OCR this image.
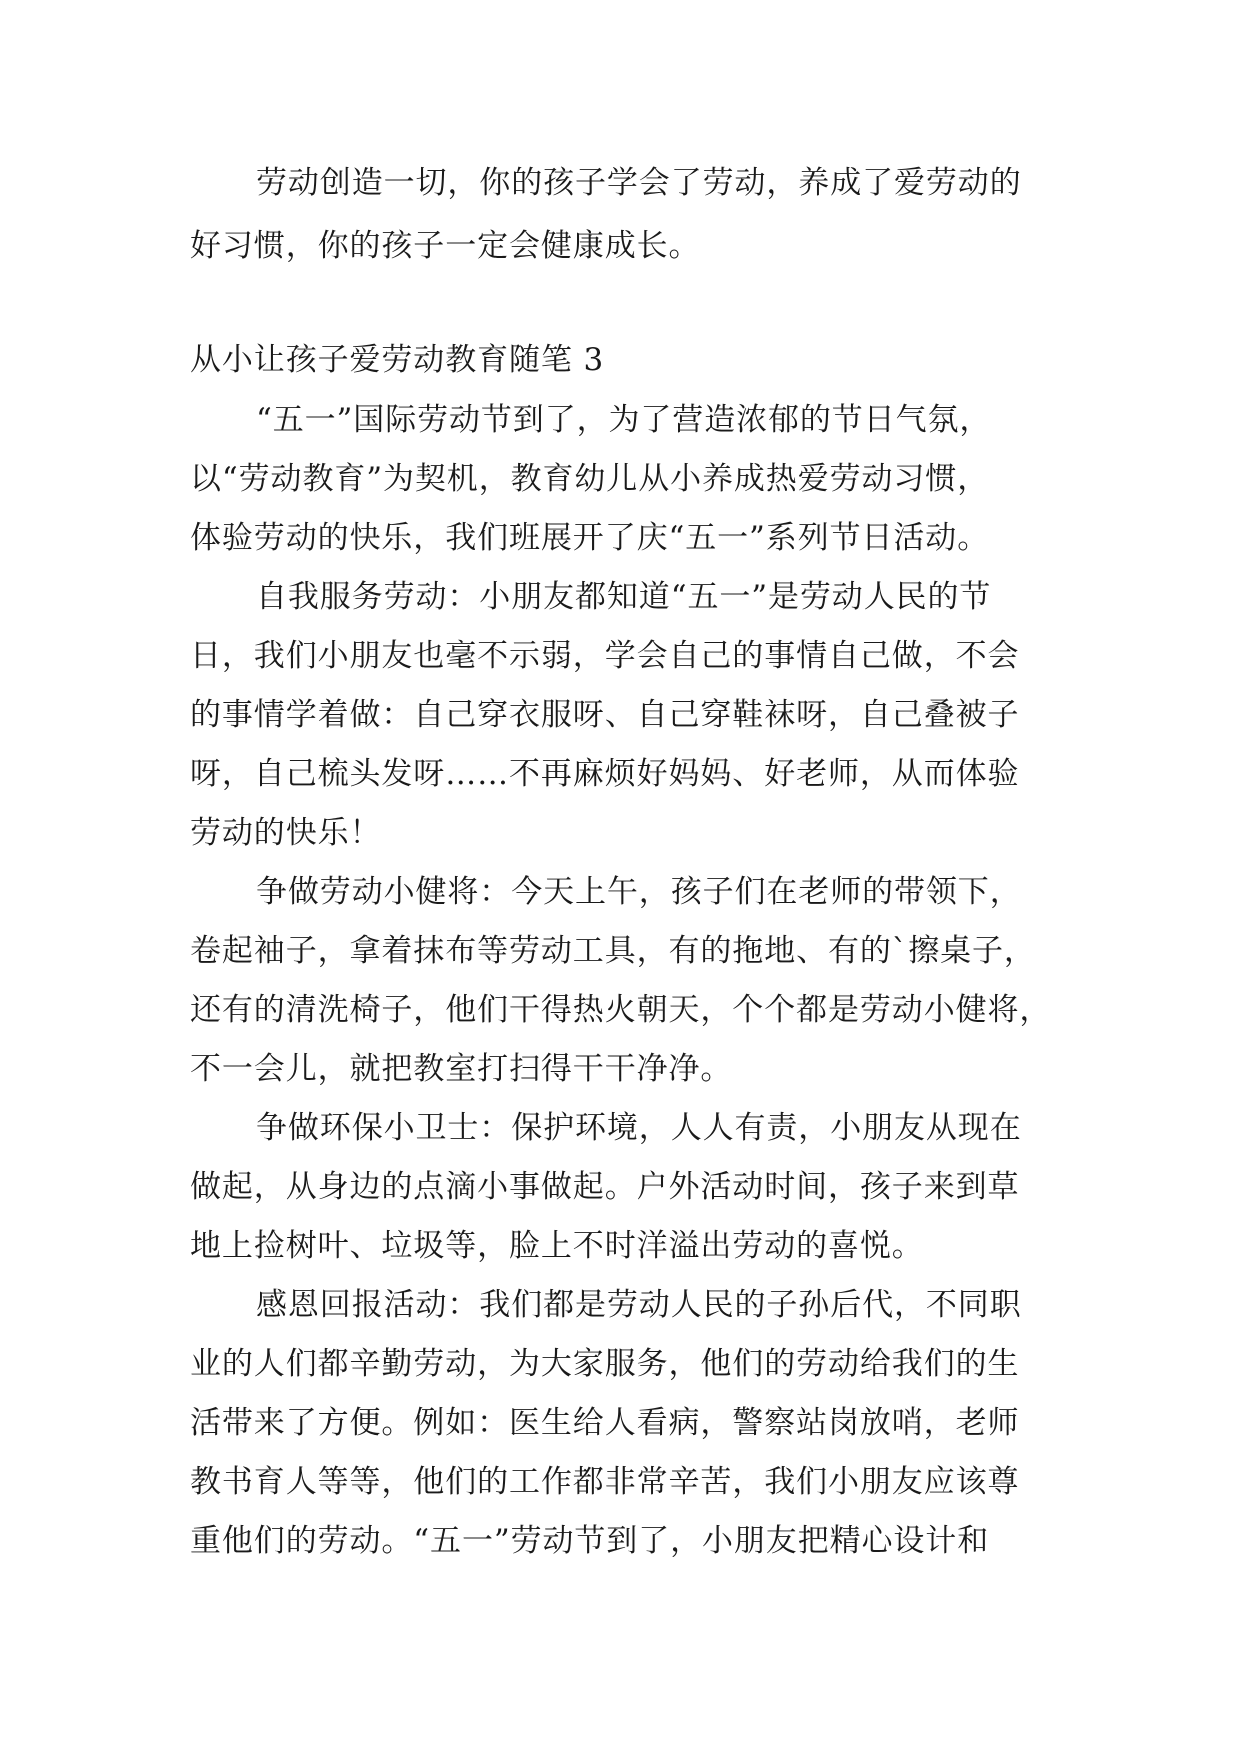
劳动创造一切，你的孩子学会了劳动，养成了爱劳动的

好习惯，你的孩子一定会健康成长。

从小让孩子爱劳动教育随笔 3

“五一”国际劳动节到了，为了营造浓郁的节日气氛，

以“劳动教育”为契机，教育幼儿从小养成热爱劳动习惯，

体验劳动的快乐，我们班展开了庆“五一”系列节日活动。

自我服务劳动：小朋友都知道“五一”是劳动人民的节

日，我们小朋友也毫不示弱，学会自己的事情自己做，不会

的事情学着做：自己穿衣服呀、自己穿鞋袜呀，自己叠被子

呀，自己梳头发呀……不再麻烦好妈妈、好老师，从而体验

劳动的快乐！

争做劳动小健将：今天上午，孩子们在老师的带领下，

卷起袖子，拿着抹布等劳动工具，有的拖地、有的`擦桌子，

还有的清洗椅子，他们干得热火朝天，个个都是劳动小健将，

不一会儿，就把教室打扫得干干净净。

争做环保小卫士：保护环境，人人有责，小朋友从现在

做起，从身边的点滴小事做起。户外活动时间，孩子来到草

地上捡树叶、垃圾等，脸上不时洋溢出劳动的喜悦。

感恩回报活动：我们都是劳动人民的子孙后代，不同职

业的人们都辛勤劳动，为大家服务，他们的劳动给我们的生

活带来了方便。例如：医生给人看病，警察站岗放哨，老师

教书育人等等，他们的工作都非常辛苦，我们小朋友应该尊

重他们的劳动。“五一”劳动节到了，小朋友把精心设计和
